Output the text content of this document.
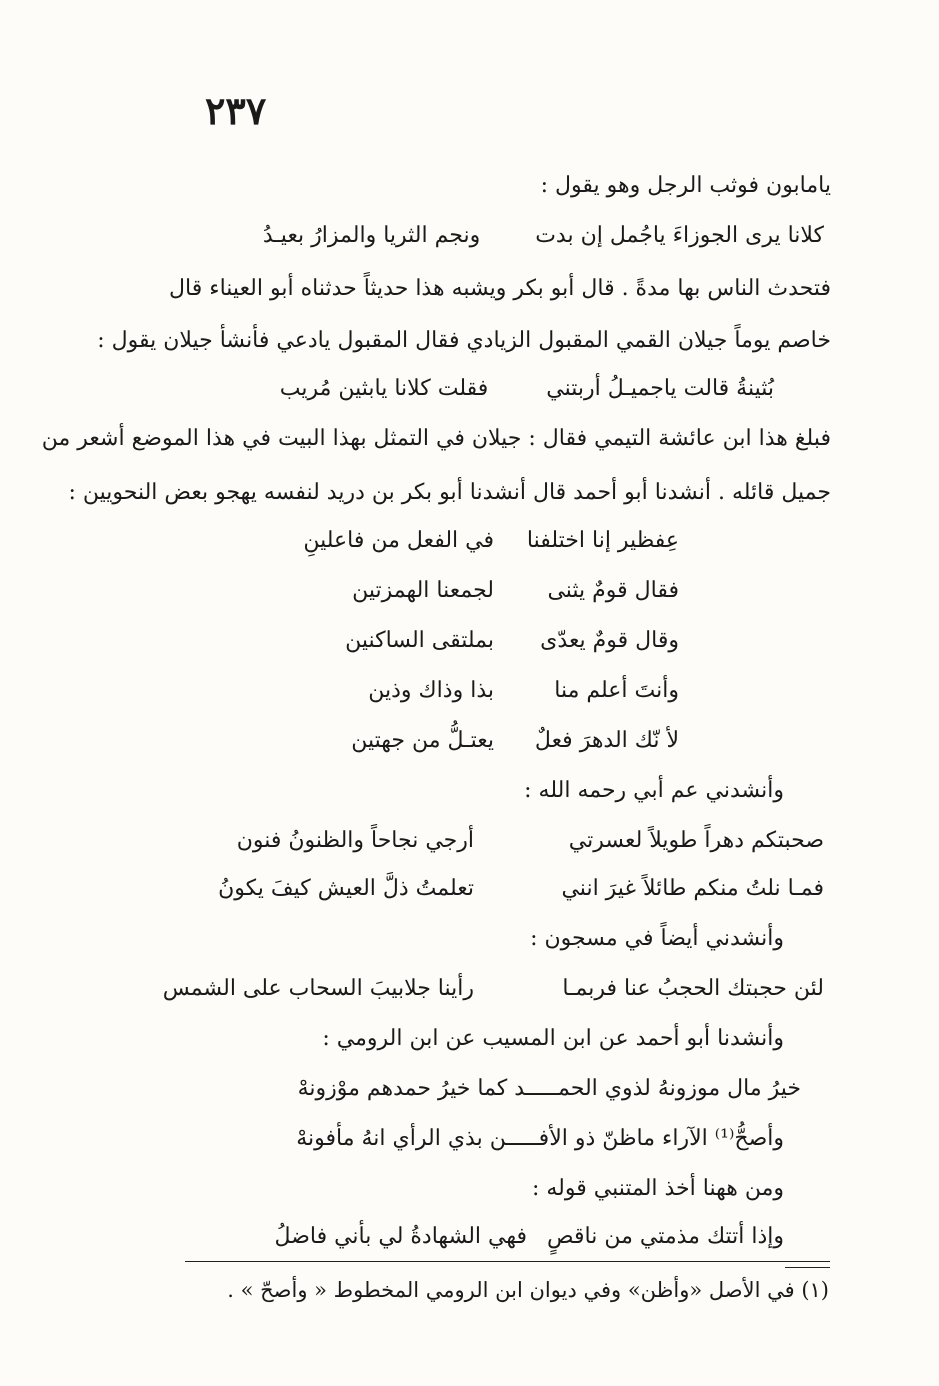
٢٣٧
يامابون فوثب الرجل وهو يقول :
كلانا يرى الجوزاءَ ياجُمل إن بدت
ونجم الثريا والمزارُ بعيـدُ
فتحدث الناس بها مدةً . قال أبو بكر ويشبه هذا حديثاً حدثناه أبو العيناء قال
خاصم يوماً جيلان القمي المقبول الزيادي فقال المقبول يادعي فأنشأ جيلان يقول :
بُثينةُ قالت ياجميـلُ أربتني
فقلت كلانا يابثين مُريب
فبلغ هذا ابن عائشة التيمي فقال : جيلان في التمثل بهذا البيت في هذا الموضع أشعر من
جميل قائله . أنشدنا أبو أحمد قال أنشدنا أبو بكر بن دريد لنفسه يهجو بعض النحويين :
عِفظير إنا اختلفنا
في الفعل من فاعلينِ
فقال قومٌ يثنى
لجمعنا الهمزتين
وقال قومٌ يعدّى
بملتقى الساكنين
وأنتَ أعلم منا
بذا وذاك وذين
لأ نّك الدهرَ فعلٌ
يعتـلُّ من جهتين
وأنشدني عم أبي رحمه الله :
صحبتكم دهراً طويلاً لعسرتي
أرجي نجاحاً والظنونُ فنون
فمـا نلتُ منكم طائلاً غيرَ انني
تعلمتُ ذلَّ العيش كيفَ يكونُ
وأنشدني أيضاً في مسجون :
لئن حجبتك الحجبُ عنا فربمـا
رأينا جلابيبَ السحاب على الشمس
وأنشدنا أبو أحمد عن ابن المسيب عن ابن الرومي :
خيرُ مال موزونهُ لذوي الحمـــــد كما خيرُ حمدهم موْزونهْ
وأصحُّ⁽¹⁾ الآراء ماظنّ ذو الأفـــــن بذي الرأي انهُ مأفونهْ
ومن ههنا أخذ المتنبي قوله :
وإذا أتتك مذمتي من ناقصٍ
فهي الشهادةُ لي بأني فاضلُ
(١) في الأصل «وأظن» وفي ديوان ابن الرومي المخطوط « وأصحّ » .
